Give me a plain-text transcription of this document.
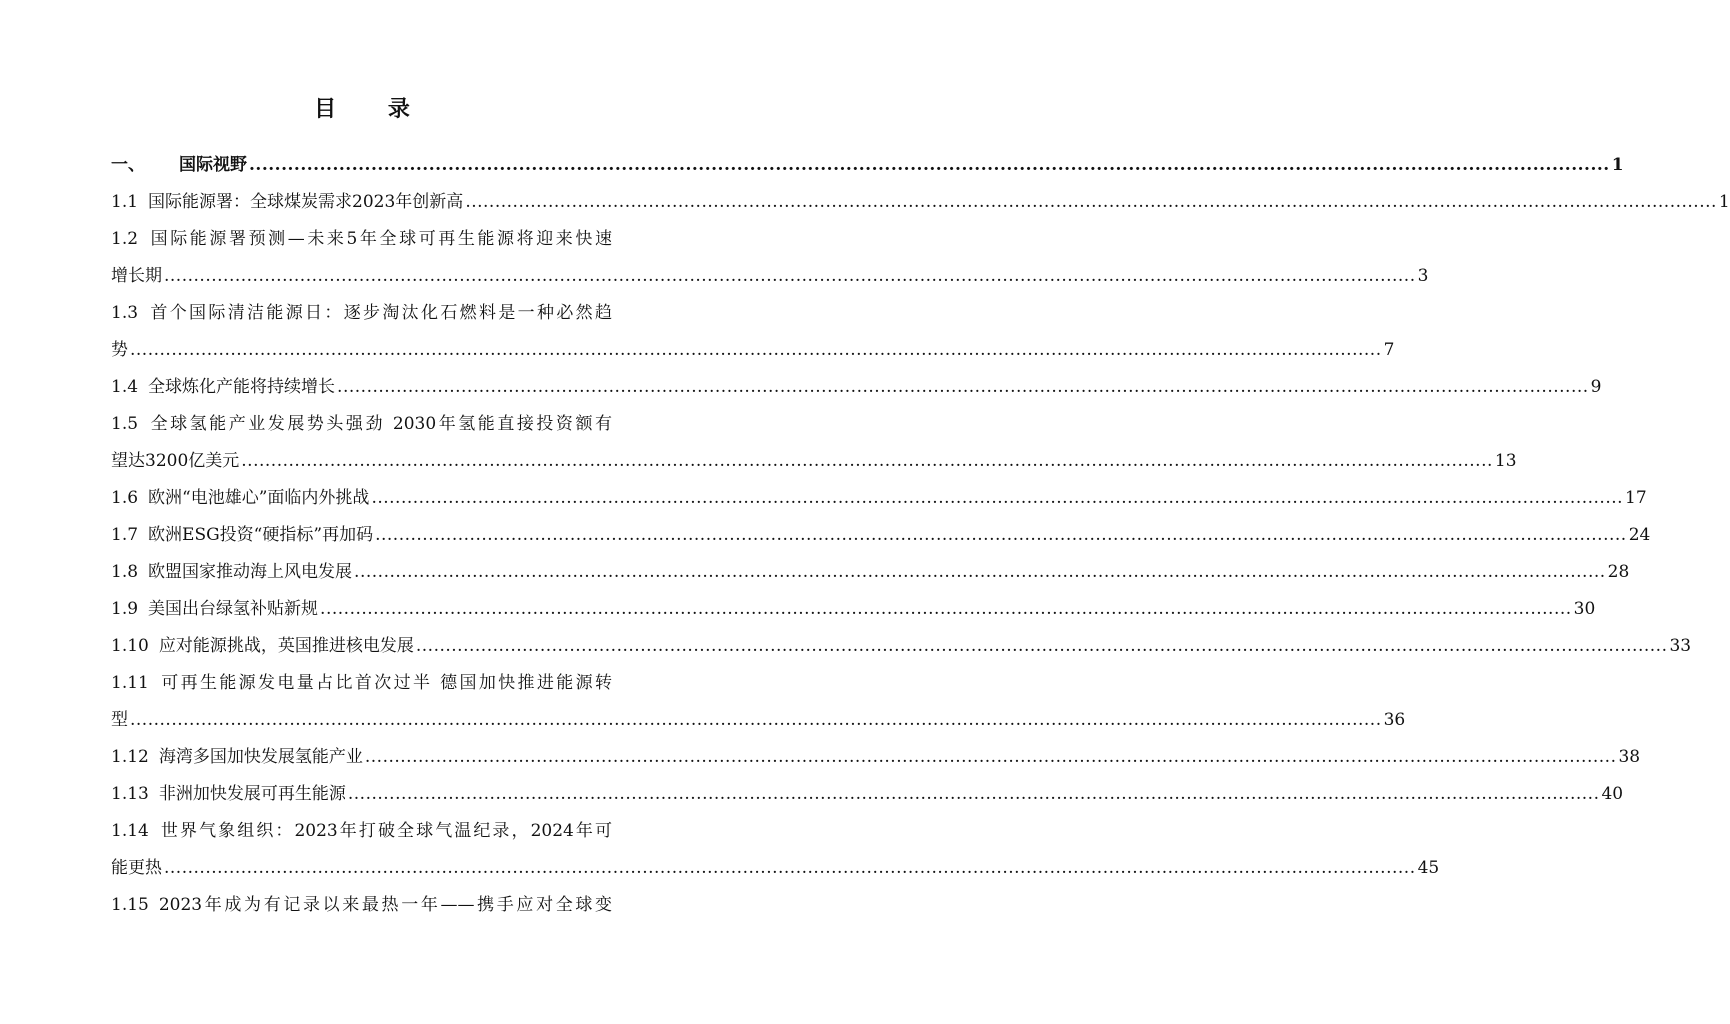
目 录
一、 国际视野 .....	1
1.1 国际能源署：全球煤炭需求2023年创新高 .....	1
1.2 国际能源署预测—未来5年全球可再生能源将迎来快速
增长期 .....	3
1.3 首个国际清洁能源日：逐步淘汰化石燃料是一种必然趋
势 .....	7
1.4 全球炼化产能将持续增长 .....	9
1.5 全球氢能产业发展势头强劲 2030年氢能直接投资额有
望达3200亿美元 .....	13
1.6 欧洲“电池雄心”面临内外挑战 .....	17
1.7 欧洲ESG投资“硬指标”再加码 .....	24
1.8 欧盟国家推动海上风电发展 .....	28
1.9 美国出台绿氢补贴新规 .....	30
1.10 应对能源挑战，英国推进核电发展 .....	33
1.11 可再生能源发电量占比首次过半 德国加快推进能源转
型 .....	36
1.12 海湾多国加快发展氢能产业 .....	38
1.13 非洲加快发展可再生能源 .....	40
1.14 世界气象组织：2023年打破全球气温纪录，2024年可
能更热 .....	45
1.15 2023年成为有记录以来最热一年——携手应对全球变
